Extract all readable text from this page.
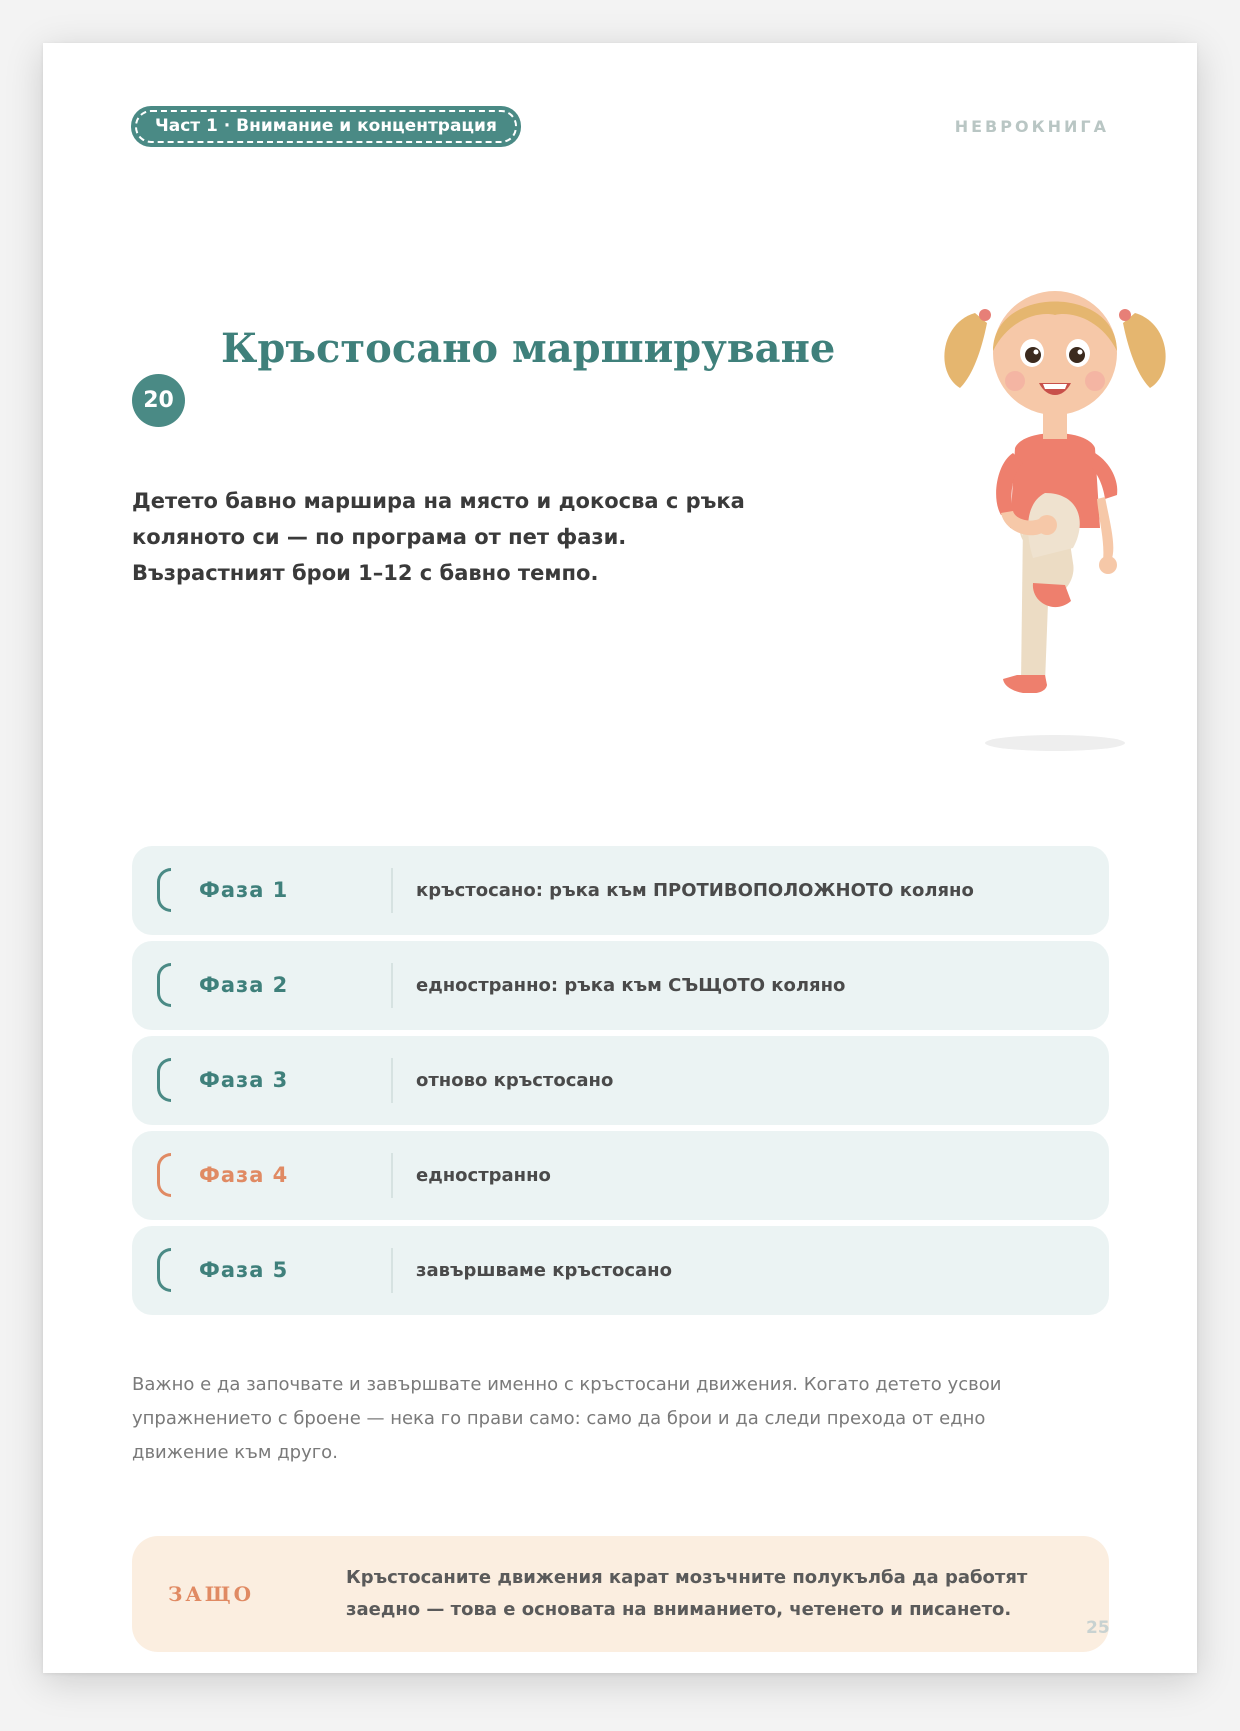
Част 1 · Внимание и концентрация	НЕВРОКНИГА
Кръстосано маршируване
20
Детето бавно маршира на място и докосва с ръка
коляното си — по програма от пет фази.
Възрастният брои 1–12 с бавно темпо.
Фаза 1	кръстосано: ръка към ПРОТИВОПОЛОЖНОТО коляно
Фаза 2	едностранно: ръка към СЪЩОТО коляно
Фаза 3	отново кръстосано
Фаза 4	едностранно
Фаза 5	завършваме кръстосано
Важно е да започвате и завършвате именно с кръстосани движения. Когато детето усвои
упражнението с броене — нека го прави само: само да брои и да следи прехода от едно
движение към друго.
ЗАЩО
Кръстосаните движения карат мозъчните полукълба да работят
заедно — това е основата на вниманието, четенето и писането.
25
